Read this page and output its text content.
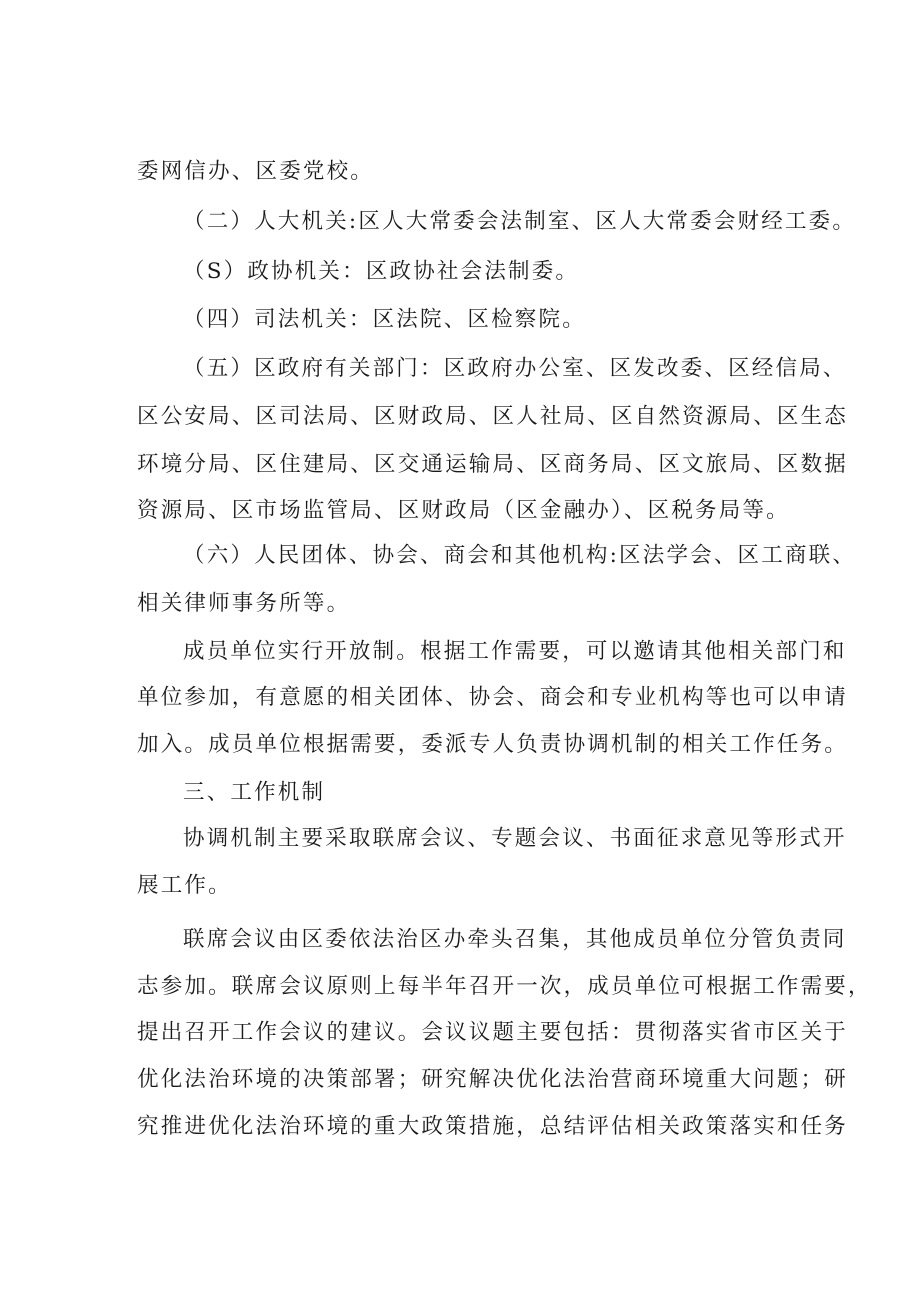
委网信办、区委党校。
（二）人大机关:区人大常委会法制室、区人大常委会财经工委。
（S）政协机关：区政协社会法制委。
（四）司法机关：区法院、区检察院。
（五）区政府有关部门：区政府办公室、区发改委、区经信局、
区公安局、区司法局、区财政局、区人社局、区自然资源局、区生态
环境分局、区住建局、区交通运输局、区商务局、区文旅局、区数据
资源局、区市场监管局、区财政局（区金融办）、区税务局等。
（六）人民团体、协会、商会和其他机构:区法学会、区工商联、
相关律师事务所等。
成员单位实行开放制。根据工作需要，可以邀请其他相关部门和
单位参加，有意愿的相关团体、协会、商会和专业机构等也可以申请
加入。成员单位根据需要，委派专人负责协调机制的相关工作任务。
三、工作机制
协调机制主要采取联席会议、专题会议、书面征求意见等形式开
展工作。
联席会议由区委依法治区办牵头召集，其他成员单位分管负责同
志参加。联席会议原则上每半年召开一次，成员单位可根据工作需要，
提出召开工作会议的建议。会议议题主要包括：贯彻落实省市区关于
优化法治环境的决策部署；研究解决优化法治营商环境重大问题；研
究推进优化法治环境的重大政策措施，总结评估相关政策落实和任务
